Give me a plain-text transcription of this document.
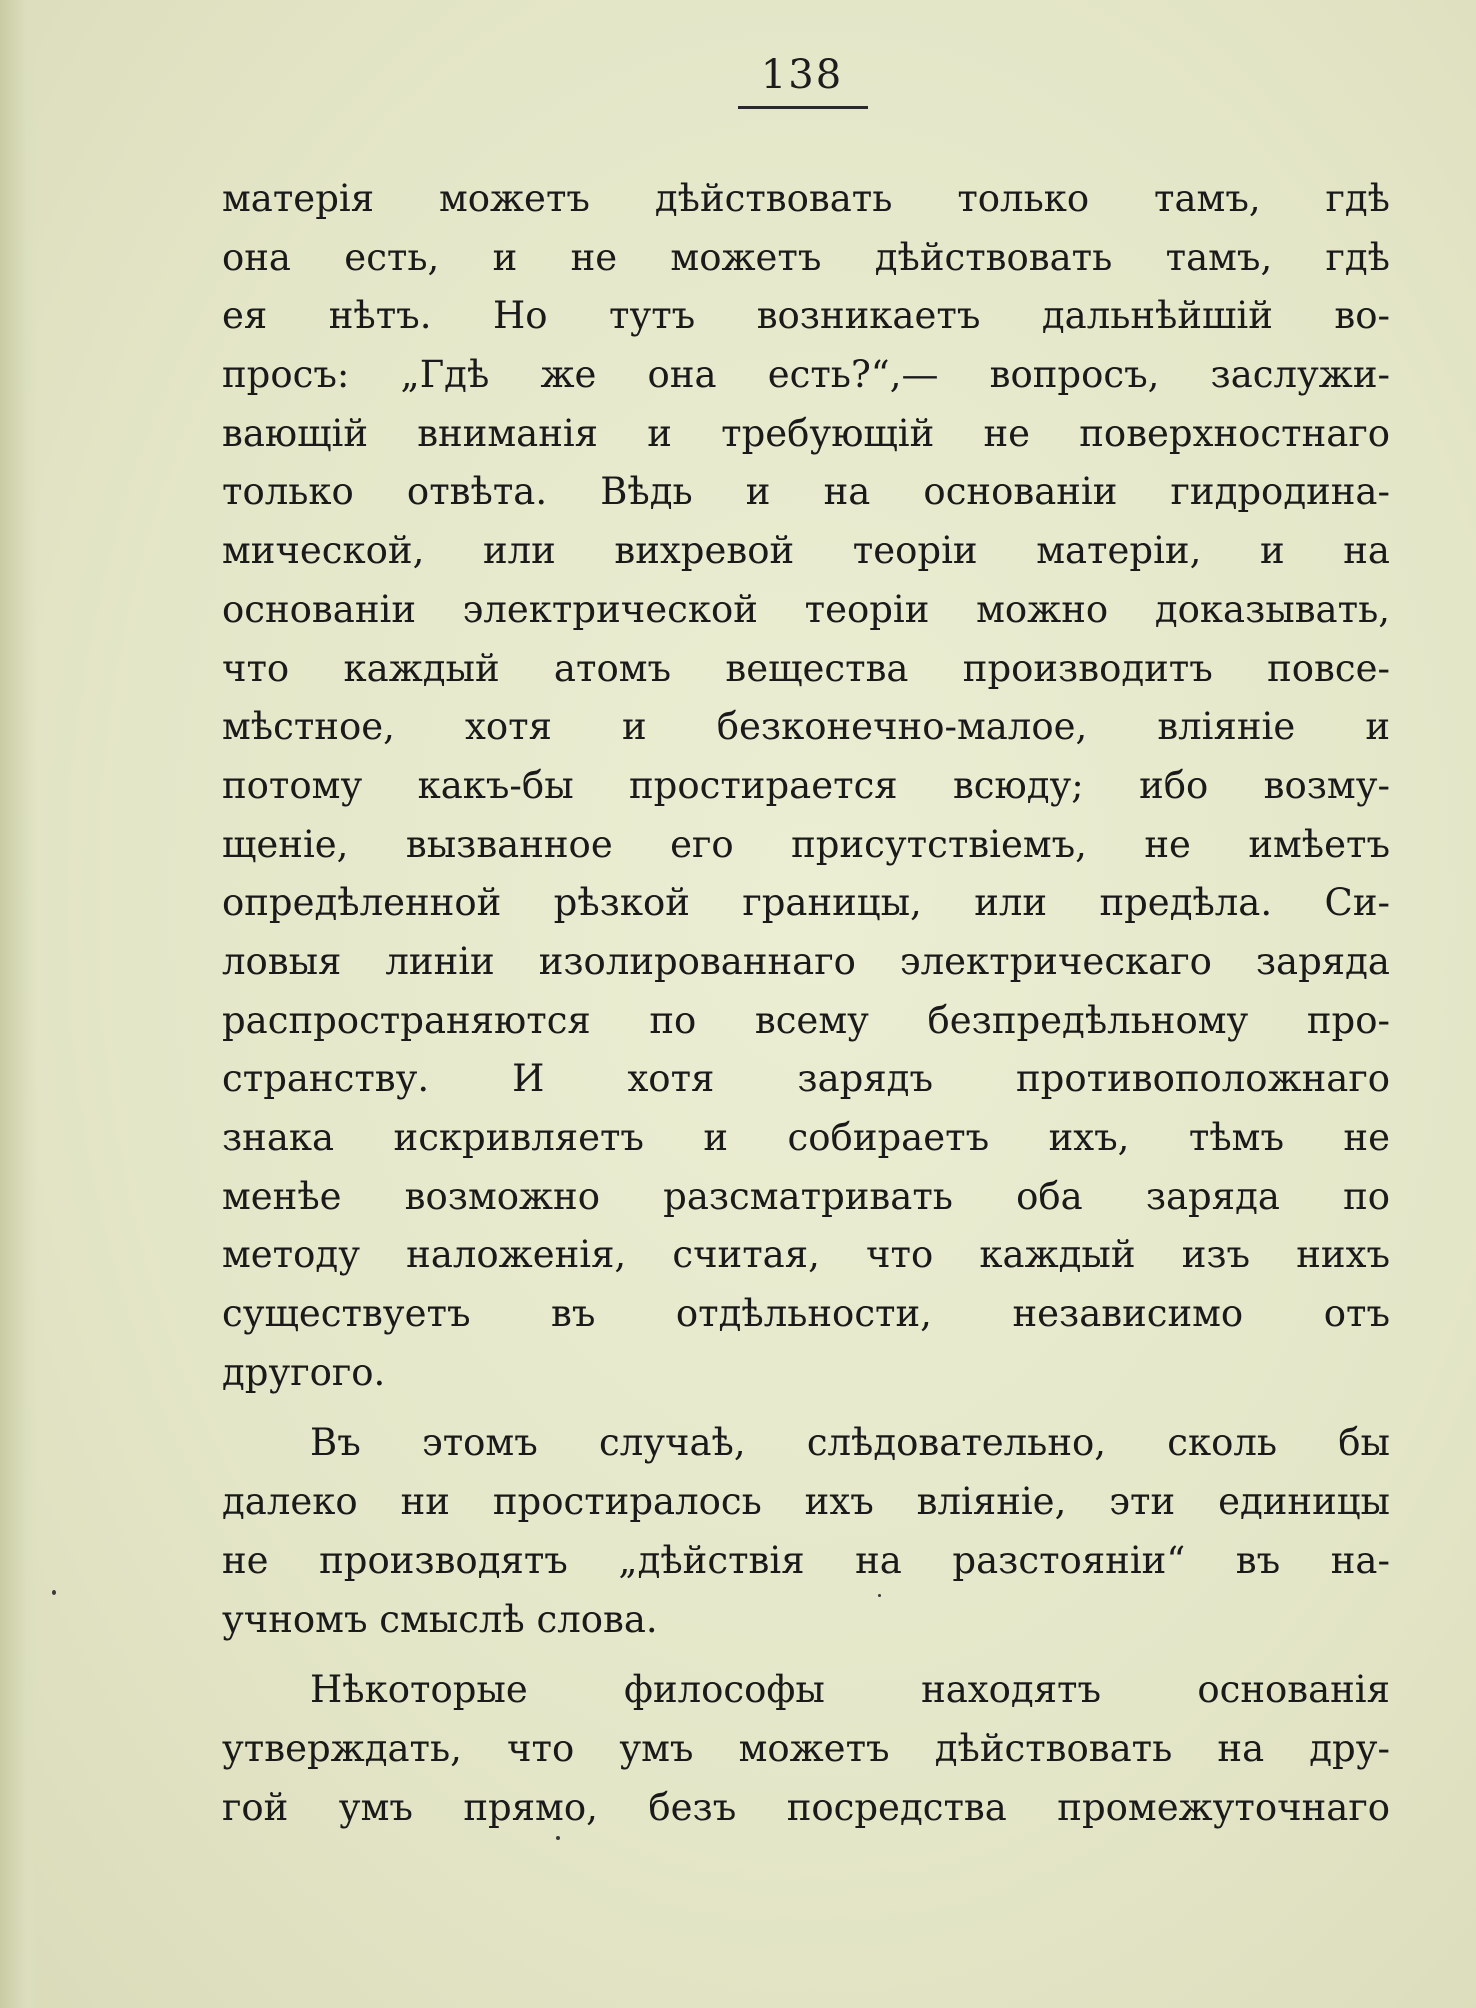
138
матерія можетъ дѣйствовать только тамъ, гдѣ
она есть, и не можетъ дѣйствовать тамъ, гдѣ
ея нѣтъ. Но тутъ возникаетъ дальнѣйшій во-
просъ: „Гдѣ же она есть?“,— вопросъ, заслужи-
вающій вниманія и требующій не поверхностнаго
только отвѣта. Вѣдь и на основаніи гидродина-
мической, или вихревой теоріи матеріи, и на
основаніи электрической теоріи можно доказывать,
что каждый атомъ вещества производитъ повсе-
мѣстное, хотя и безконечно-малое, вліяніе и
потому какъ-бы простирается всюду; ибо возму-
щеніе, вызванное его присутствіемъ, не имѣетъ
опредѣленной рѣзкой границы, или предѣла. Си-
ловыя линіи изолированнаго электрическаго заряда
распространяются по всему безпредѣльному про-
странству. И хотя зарядъ противоположнаго
знака искривляетъ и собираетъ ихъ, тѣмъ не
менѣе возможно разсматривать оба заряда по
методу наложенія, считая, что каждый изъ нихъ
существуетъ въ отдѣльности, независимо отъ
другого.
Въ этомъ случаѣ, слѣдовательно, сколь бы
далеко ни простиралось ихъ вліяніе, эти единицы
не производятъ „дѣйствія на разстояніи“ въ на-
учномъ смыслѣ слова.
Нѣкоторые философы находятъ основанія
утверждать, что умъ можетъ дѣйствовать на дру-
гой умъ прямо, безъ посредства промежуточнаго
